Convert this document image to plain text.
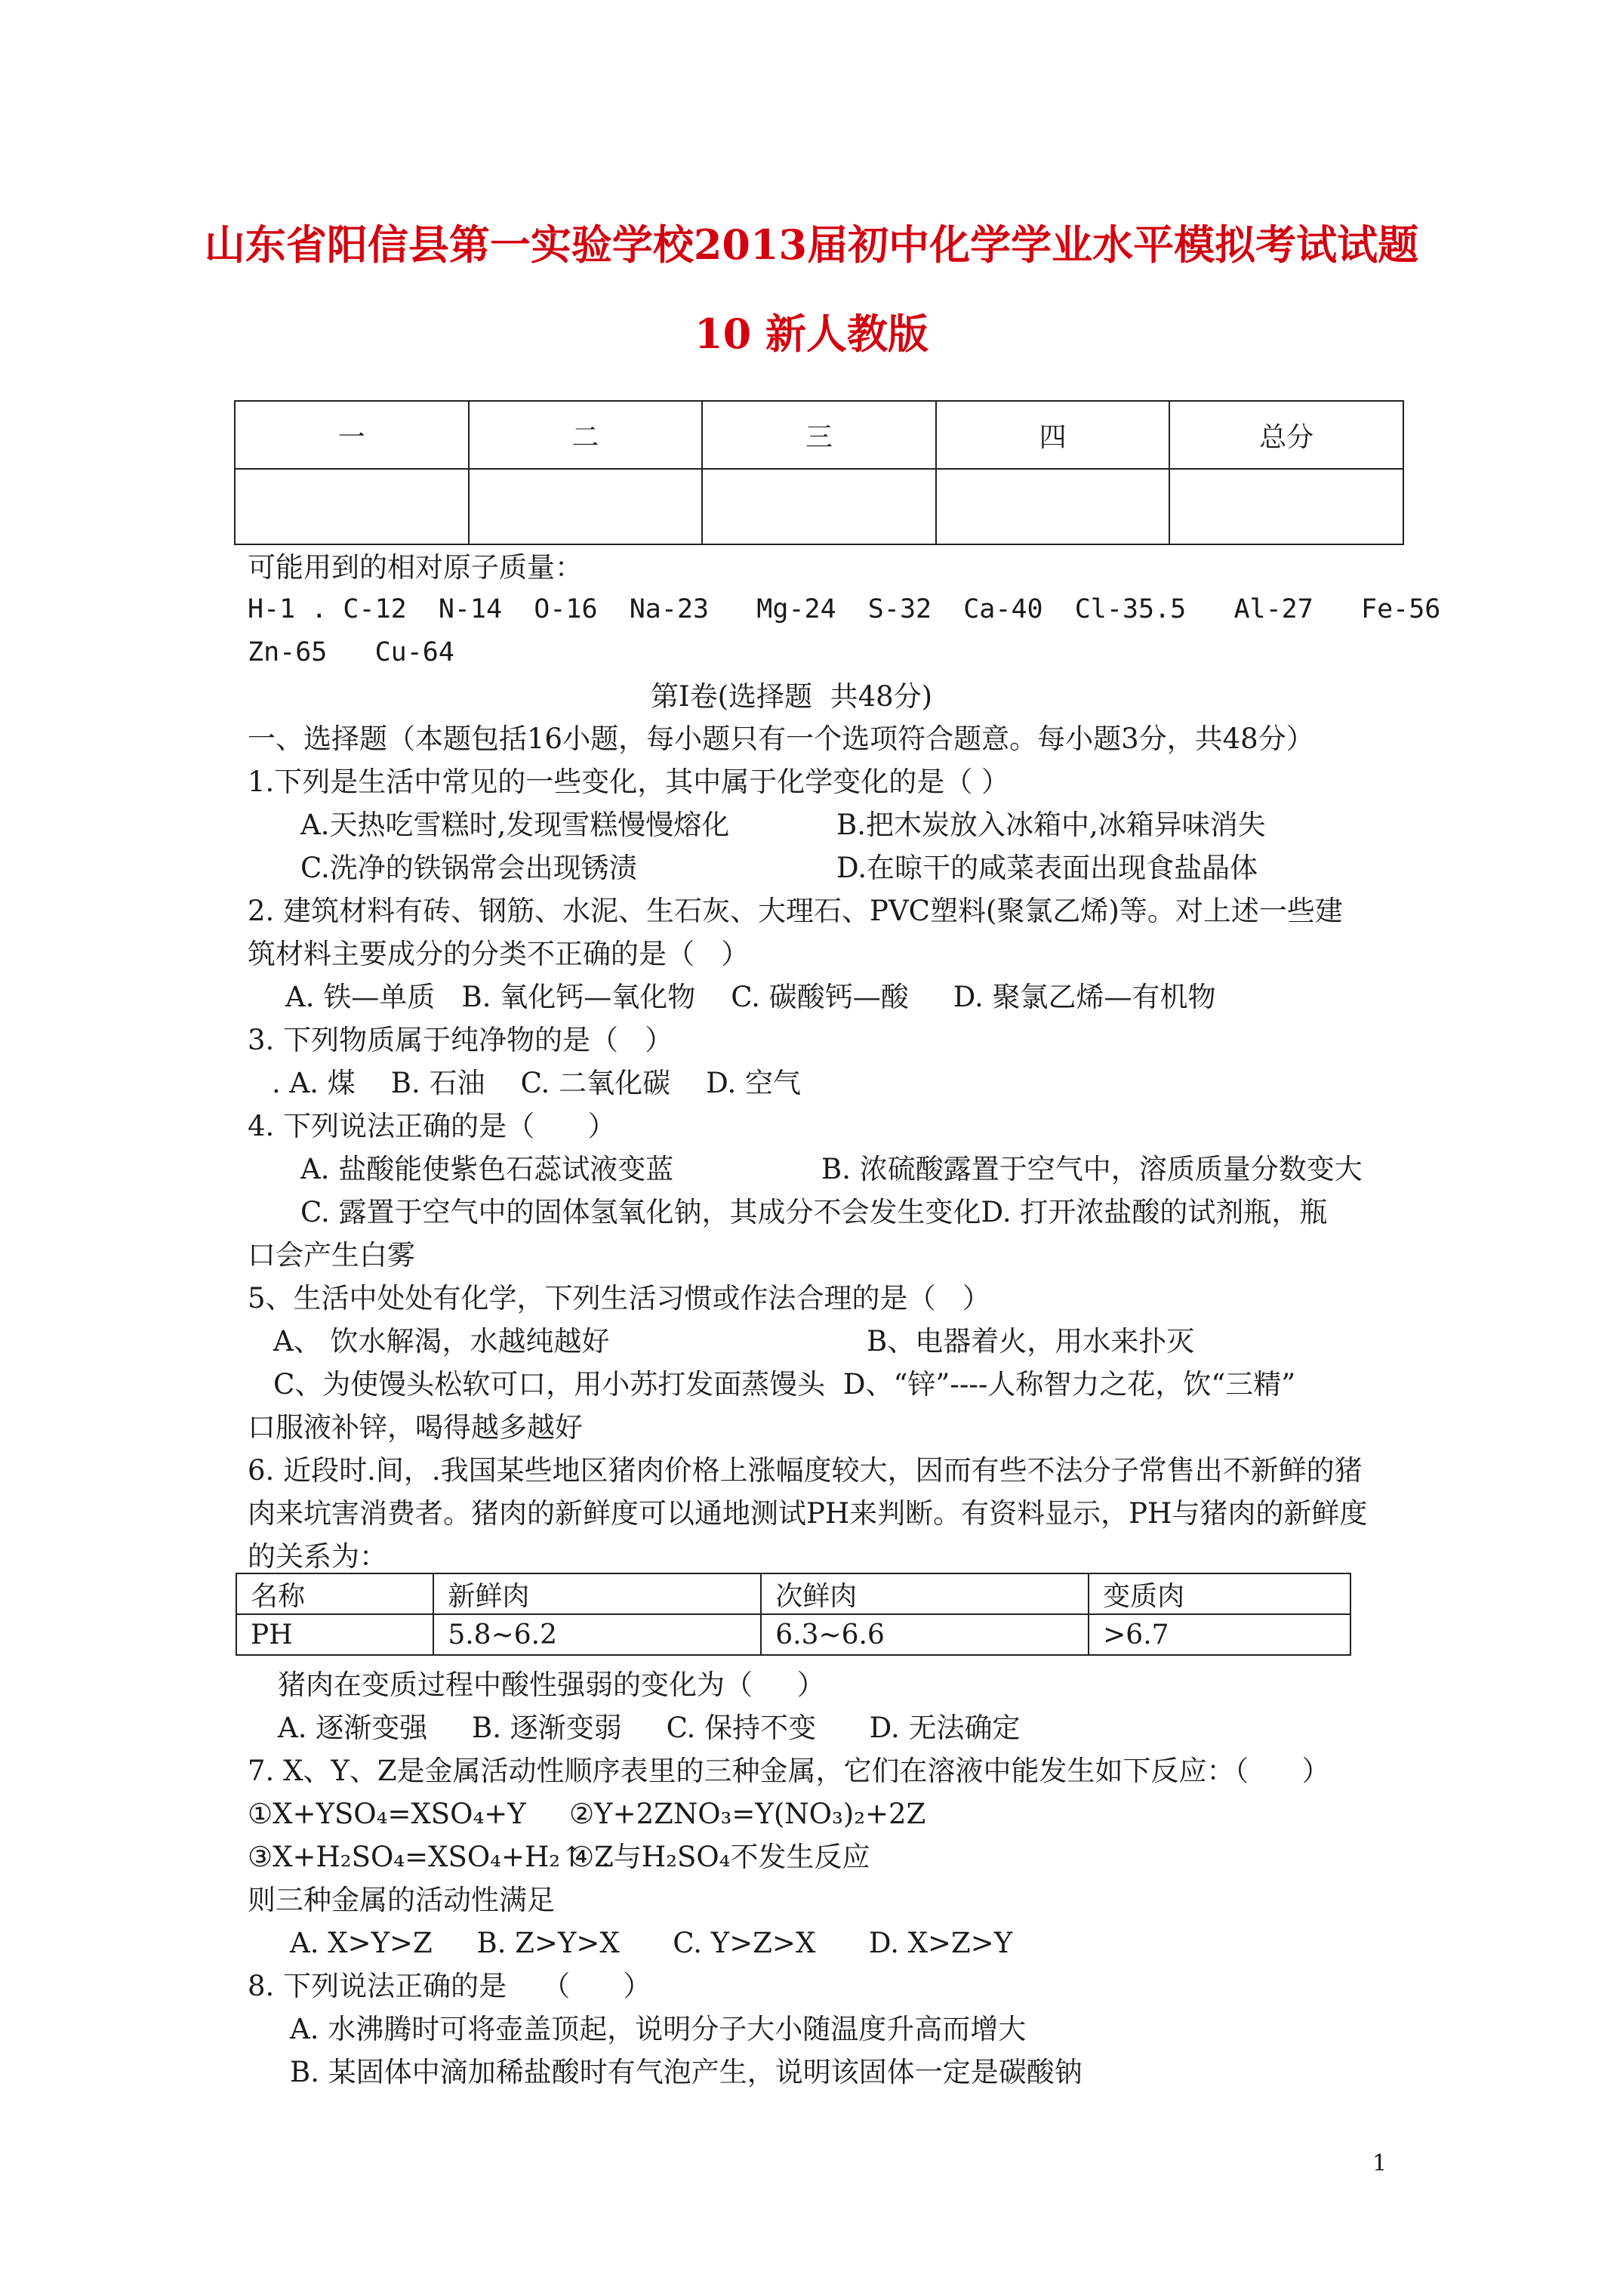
山东省阳信县第一实验学校2013届初中化学学业水平模拟考试试题
10 新人教版
一	二	三	四	总分

可能用到的相对原子质量：
H-1 . C-12  N-14  O-16  Na-23   Mg-24  S-32  Ca-40  Cl-35.5   Al-27   Fe-56
Zn-65   Cu-64
第Ⅰ卷(选择题  共48分)
一、选择题（本题包括16小题，每小题只有一个选项符合题意。每小题3分，共48分）
1.下列是生活中常见的一些变化，其中属于化学变化的是（ ）
A.天热吃雪糕时,发现雪糕慢慢熔化	B.把木炭放入冰箱中,冰箱异味消失
C.洗净的铁锅常会出现锈渍	D.在晾干的咸菜表面出现食盐晶体
2. 建筑材料有砖、钢筋、水泥、生石灰、大理石、PVC塑料(聚氯乙烯)等。对上述一些建
筑材料主要成分的分类不正确的是（   ）
A. 铁—单质   B. 氧化钙—氧化物    C. 碳酸钙—酸     D. 聚氯乙烯—有机物
3. 下列物质属于纯净物的是（   ）
. A. 煤    B. 石油    C. 二氧化碳    D. 空气
4. 下列说法正确的是（      ）
A. 盐酸能使紫色石蕊试液变蓝	B. 浓硫酸露置于空气中，溶质质量分数变大
C. 露置于空气中的固体氢氧化钠，其成分不会发生变化D. 打开浓盐酸的试剂瓶，瓶
口会产生白雾
5、生活中处处有化学，下列生活习惯或作法合理的是（   ）
A、 饮水解渴，水越纯越好	B、电器着火，用水来扑灭
C、为使馒头松软可口，用小苏打发面蒸馒头  D、“锌”----人称智力之花，饮“三精”
口服液补锌，喝得越多越好
6. 近段时.间，.我国某些地区猪肉价格上涨幅度较大，因而有些不法分子常售出不新鲜的猪
肉来坑害消费者。猪肉的新鲜度可以通地测试PH来判断。有资料显示，PH与猪肉的新鲜度
的关系为：
名称	新鲜肉	次鲜肉	变质肉
PH	5.8~6.2	6.3~6.6	>6.7
猪肉在变质过程中酸性强弱的变化为（     ）
A. 逐渐变强     B. 逐渐变弱     C. 保持不变      D. 无法确定
7. X、Y、Z是金属活动性顺序表里的三种金属，它们在溶液中能发生如下反应：（      ）
①X+YSO₄=XSO₄+Y ②Y+2ZNO₃=Y(NO₃)₂+2Z
③X+H₂SO₄=XSO₄+H₂↑  .
④Z与H₂SO₄不发生反应
则三种金属的活动性满足
A. X>Y>Z     B. Z>Y>X      C. Y>Z>X      D. X>Z>Y
8. 下列说法正确的是    （      ）
A. 水沸腾时可将壶盖顶起，说明分子大小随温度升高而增大
B. 某固体中滴加稀盐酸时有气泡产生，说明该固体一定是碳酸钠
1
